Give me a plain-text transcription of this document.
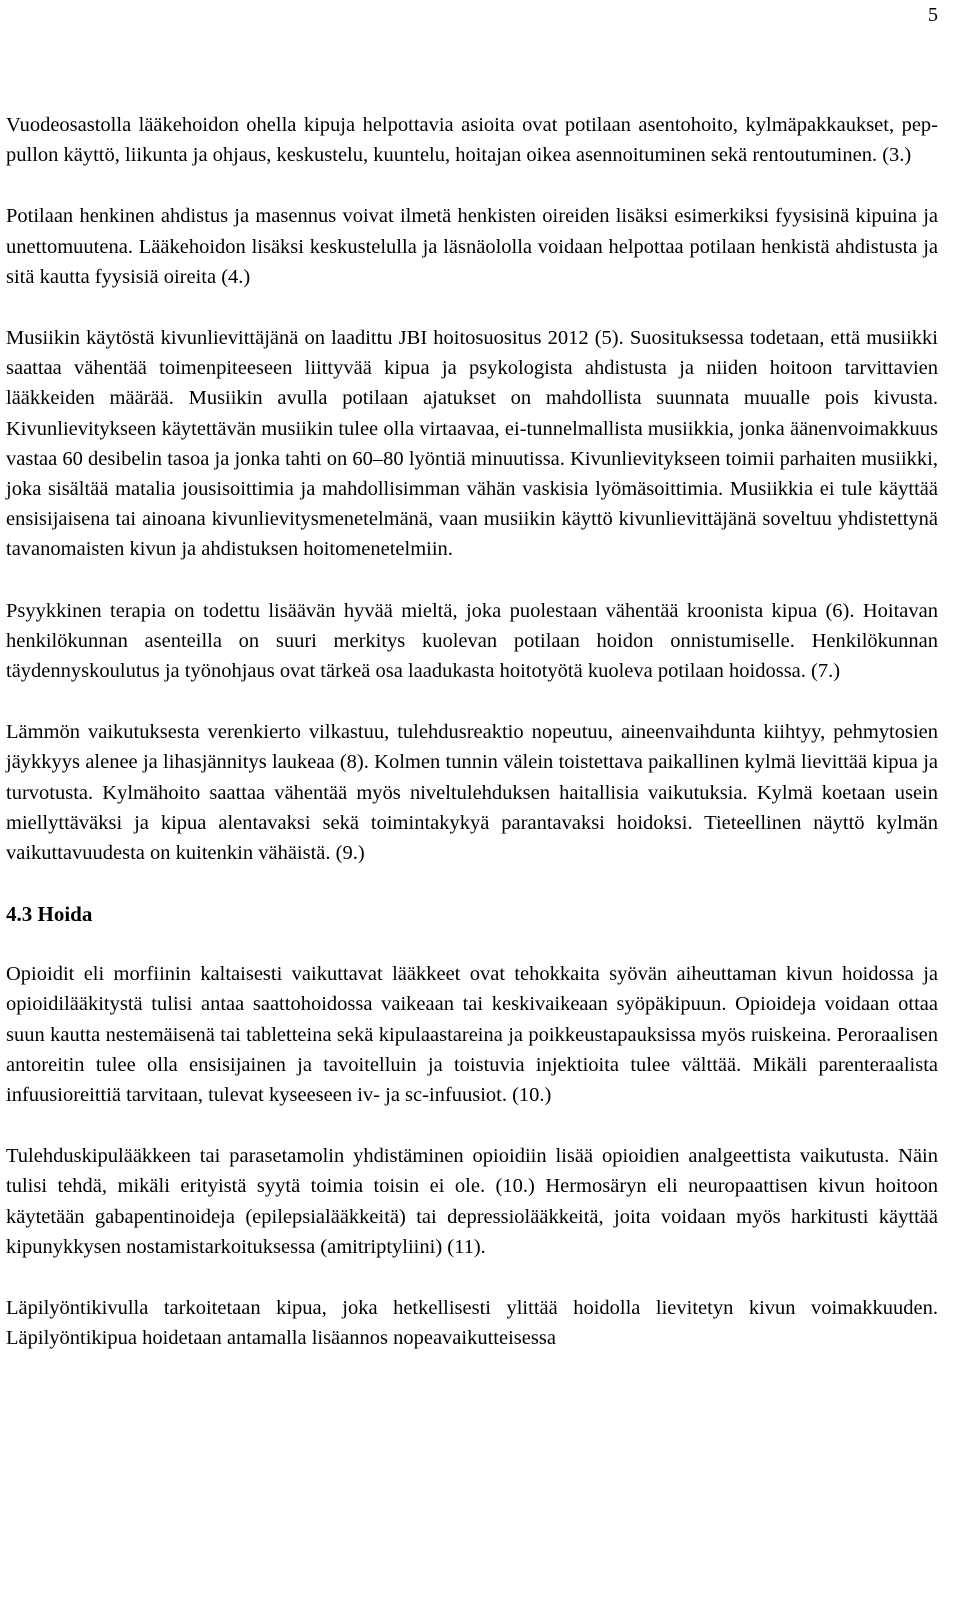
5

Vuodeosastolla lääkehoidon ohella kipuja helpottavia asioita ovat potilaan asentohoito, kylmäpakkaukset, pep-pullon käyttö, liikunta ja ohjaus, keskustelu, kuuntelu, hoitajan oikea asennoituminen sekä rentoutuminen. (3.)

Potilaan henkinen ahdistus ja masennus voivat ilmetä henkisten oireiden lisäksi esimerkiksi fyysisinä kipuina ja unettomuutena. Lääkehoidon lisäksi keskustelulla ja läsnäololla voidaan helpottaa potilaan henkistä ahdistusta ja sitä kautta fyysisiä oireita (4.)

Musiikin käytöstä kivunlievittäjänä on laadittu JBI hoitosuositus 2012 (5). Suosituksessa todetaan, että musiikki saattaa vähentää toimenpiteeseen liittyvää kipua ja psykologista ahdistusta ja niiden hoitoon tarvittavien lääkkeiden määrää. Musiikin avulla potilaan ajatukset on mahdollista suunnata muualle pois kivusta. Kivunlievitykseen käytettävän musiikin tulee olla virtaavaa, ei-tunnelmallista musiikkia, jonka äänenvoimakkuus vastaa 60 desibelin tasoa ja jonka tahti on 60–80 lyöntiä minuutissa. Kivunlievitykseen toimii parhaiten musiikki, joka sisältää matalia jousisoittimia ja mahdollisimman vähän vaskisia lyömäsoittimia. Musiikkia ei tule käyttää ensisijaisena tai ainoana kivunlievitysmenetelmänä, vaan musiikin käyttö kivunlievittäjänä soveltuu yhdistettynä tavanomaisten kivun ja ahdistuksen hoitomenetelmiin.

Psyykkinen terapia on todettu lisäävän hyvää mieltä, joka puolestaan vähentää kroonista kipua (6). Hoitavan henkilökunnan asenteilla on suuri merkitys kuolevan potilaan hoidon onnistumiselle. Henkilökunnan täydennyskoulutus ja työnohjaus ovat tärkeä osa laadukasta hoitotyötä kuoleva potilaan hoidossa. (7.)

Lämmön vaikutuksesta verenkierto vilkastuu, tulehdusreaktio nopeutuu, aineenvaihdunta kiihtyy, pehmytosien jäykkyys alenee ja lihasjännitys laukeaa (8). Kolmen tunnin välein toistettava paikallinen kylmä lievittää kipua ja turvotusta. Kylmähoito saattaa vähentää myös niveltulehduksen haitallisia vaikutuksia. Kylmä koetaan usein miellyttäväksi ja kipua alentavaksi sekä toimintakykyä parantavaksi hoidoksi. Tieteellinen näyttö kylmän vaikuttavuudesta on kuitenkin vähäistä. (9.)

4.3 Hoida

Opioidit eli morfiinin kaltaisesti vaikuttavat lääkkeet ovat tehokkaita syövän aiheuttaman kivun hoidossa ja opioidilääkitystä tulisi antaa saattohoidossa vaikeaan tai keskivaikeaan syöpäkipuun. Opioideja voidaan ottaa suun kautta nestemäisenä tai tabletteina sekä kipulaastareina ja poikkeustapauksissa myös ruiskeina. Peroraalisen antoreitin tulee olla ensisijainen ja tavoitelluin ja toistuvia injektioita tulee välttää. Mikäli parenteraalista infuusioreittiä tarvitaan, tulevat kyseeseen iv- ja sc-infuusiot. (10.)

Tulehduskipulääkkeen tai parasetamolin yhdistäminen opioidiin lisää opioidien analgeettista vaikutusta. Näin tulisi tehdä, mikäli erityistä syytä toimia toisin ei ole. (10.) Hermosäryn eli neuropaattisen kivun hoitoon käytetään gabapentinoideja (epilepsialääkkeitä) tai depressiolääkkeitä, joita voidaan myös harkitusti käyttää kipunykkysen nostamistarkoituksessa (amitriptyliini) (11).

Läpilyöntikivulla tarkoitetaan kipua, joka hetkellisesti ylittää hoidolla lievitetyn kivun voimakkuuden. Läpilyöntikipua hoidetaan antamalla lisäannos nopeavaikutteisessa
